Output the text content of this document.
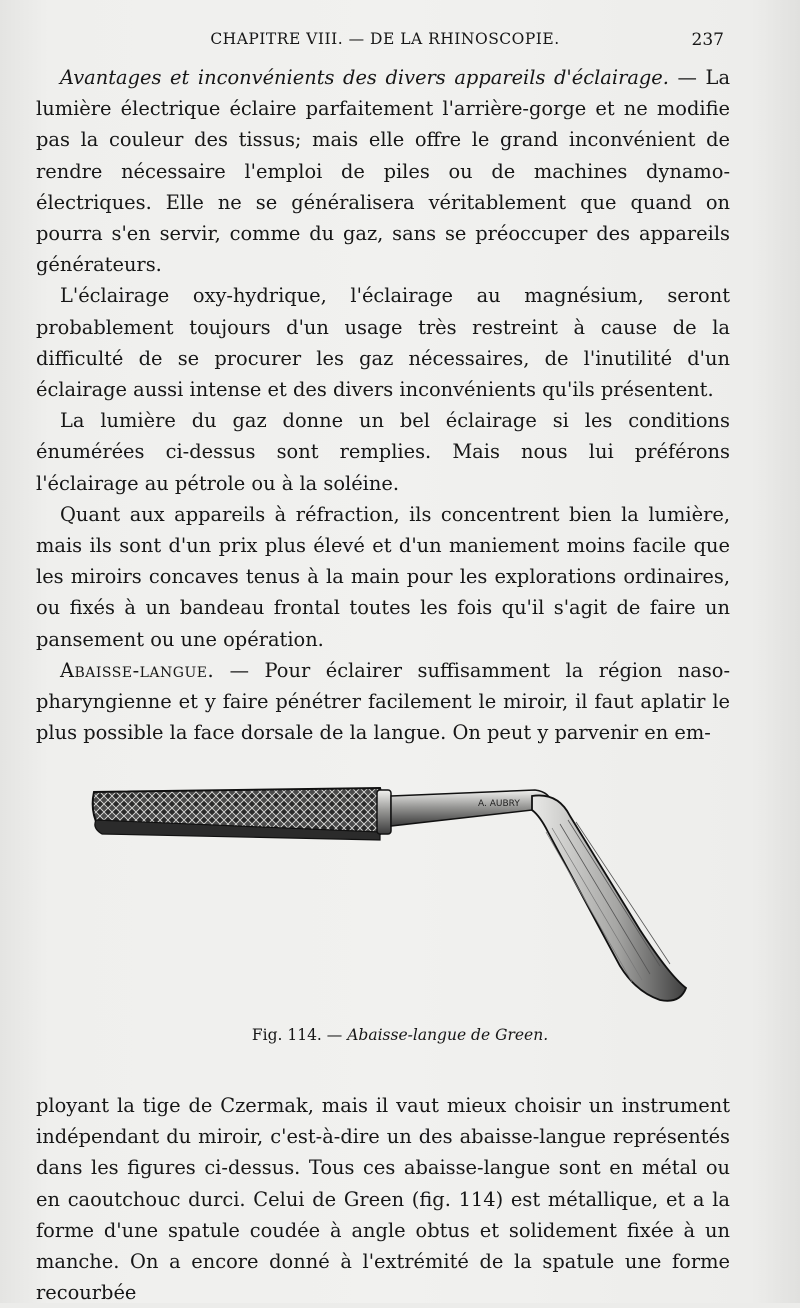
CHAPITRE VIII. — DE LA RHINOSCOPIE.	237

Avantages et inconvénients des divers appareils d'éclairage. — La lumière électrique éclaire parfaitement l'arrière-gorge et ne modifie pas la couleur des tissus; mais elle offre le grand inconvénient de rendre nécessaire l'emploi de piles ou de machines dynamo-électriques. Elle ne se généralisera véritablement que quand on pourra s'en servir, comme du gaz, sans se préoccuper des appareils générateurs.

L'éclairage oxy-hydrique, l'éclairage au magnésium, seront probablement toujours d'un usage très restreint à cause de la difficulté de se procurer les gaz nécessaires, de l'inutilité d'un éclairage aussi intense et des divers inconvénients qu'ils présentent.

La lumière du gaz donne un bel éclairage si les conditions énumérées ci-dessus sont remplies. Mais nous lui préférons l'éclairage au pétrole ou à la soléine.

Quant aux appareils à réfraction, ils concentrent bien la lumière, mais ils sont d'un prix plus élevé et d'un maniement moins facile que les miroirs concaves tenus à la main pour les explorations ordinaires, ou fixés à un bandeau frontal toutes les fois qu'il s'agit de faire un pansement ou une opération.

Abaisse-langue. — Pour éclairer suffisamment la région naso-pharyngienne et y faire pénétrer facilement le miroir, il faut aplatir le plus possible la face dorsale de la langue. On peut y parvenir en em-

A. AUBRY
Fig. 114. — Abaisse-langue de Green.

ployant la tige de Czermak, mais il vaut mieux choisir un instrument indépendant du miroir, c'est-à-dire un des abaisse-langue représentés dans les figures ci-dessus. Tous ces abaisse-langue sont en métal ou en caoutchouc durci. Celui de Green (fig. 114) est métallique, et a la forme d'une spatule coudée à angle obtus et solidement fixée à un manche. On a encore donné à l'extrémité de la spatule une forme recourbée
